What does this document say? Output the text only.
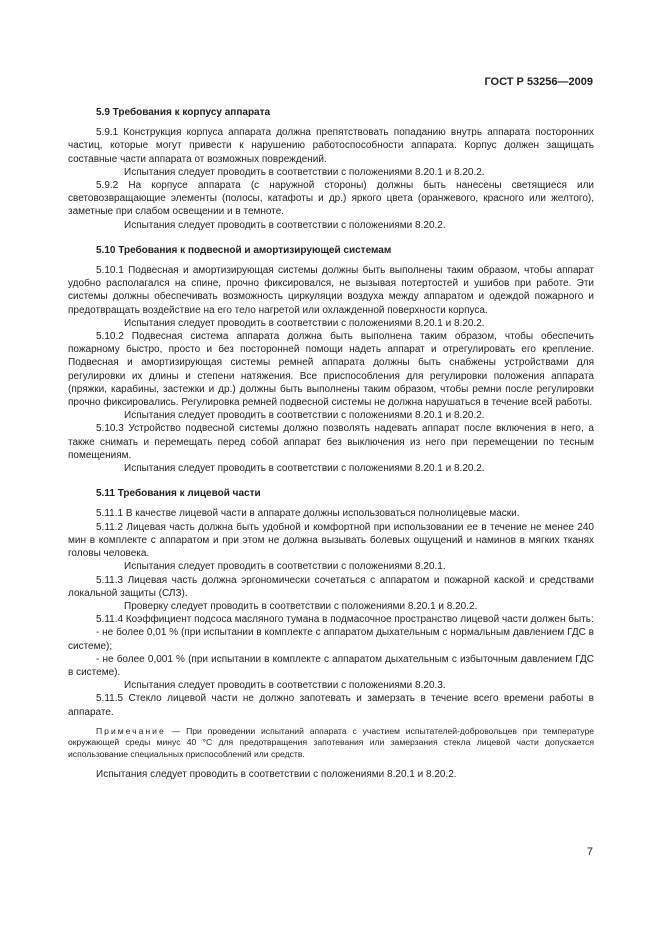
ГОСТ Р 53256—2009

5.9 Требования к корпусу аппарата

5.9.1 Конструкция корпуса аппарата должна препятствовать попаданию внутрь аппарата посторонних частиц, которые могут привести к нарушению работоспособности аппарата. Корпус должен защищать составные части аппарата от возможных повреждений.

Испытания следует проводить в соответствии с положениями 8.20.1 и 8.20.2.

5.9.2 На корпусе аппарата (с наружной стороны) должны быть нанесены светящиеся или световозвращающие элементы (полосы, катафоты и др.) яркого цвета (оранжевого, красного или желтого), заметные при слабом освещении и в темноте.

Испытания следует проводить в соответствии с положениями 8.20.2.

5.10 Требования к подвесной и амортизирующей системам

5.10.1 Подвесная и амортизирующая системы должны быть выполнены таким образом, чтобы аппарат удобно располагался на спине, прочно фиксировался, не вызывая потертостей и ушибов при работе. Эти системы должны обеспечивать возможность циркуляции воздуха между аппаратом и одеждой пожарного и предотвращать воздействие на его тело нагретой или охлажденной поверхности корпуса.

Испытания следует проводить в соответствии с положениями 8.20.1 и 8.20.2.

5.10.2 Подвесная система аппарата должна быть выполнена таким образом, чтобы обеспечить пожарному быстро, просто и без посторонней помощи надеть аппарат и отрегулировать его крепление. Подвесная и амортизирующая системы ремней аппарата должны быть снабжены устройствами для регулировки их длины и степени натяжения. Все приспособления для регулировки положения аппарата (пряжки, карабины, застежки и др.) должны быть выполнены таким образом, чтобы ремни после регулировки прочно фиксировались. Регулировка ремней подвесной системы не должна нарушаться в течение всей работы.

Испытания следует проводить в соответствии с положениями 8.20.1 и 8.20.2.

5.10.3 Устройство подвесной системы должно позволять надевать аппарат после включения в него, а также снимать и перемещать перед собой аппарат без выключения из него при перемещении по тесным помещениям.

Испытания следует проводить в соответствии с положениями 8.20.1 и 8.20.2.

5.11 Требования к лицевой части

5.11.1 В качестве лицевой части в аппарате должны использоваться полнолицевые маски.

5.11.2 Лицевая часть должна быть удобной и комфортной при использовании ее в течение не менее 240 мин в комплекте с аппаратом и при этом не должна вызывать болевых ощущений и наминов в мягких тканях головы человека.

Испытания следует проводить в соответствии с положениями 8.20.1.

5.11.3 Лицевая часть должна эргономически сочетаться с аппаратом и пожарной каской и средствами локальной защиты (СЛЗ).

Проверку следует проводить в соответствии с положениями 8.20.1 и 8.20.2.

5.11.4 Коэффициент подсоса масляного тумана в подмасочное пространство лицевой части должен быть:

- не более 0,01 % (при испытании в комплекте с аппаратом дыхательным с нормальным давлением ГДС в системе);

- не более 0,001 % (при испытании в комплекте с аппаратом дыхательным с избыточным давлением ГДС в системе).

Испытания следует проводить в соответствии с положениями 8.20.3.

5.11.5 Стекло лицевой части не должно запотевать и замерзать в течение всего времени работы в аппарате.

Примечание — При проведении испытаний аппарата с участием испытателей-добровольцев при температуре окружающей среды минус 40 °С для предотвращения запотевания или замерзания стекла лицевой части допускается использование специальных приспособлений или средств.

Испытания следует проводить в соответствии с положениями 8.20.1 и 8.20.2.

7
